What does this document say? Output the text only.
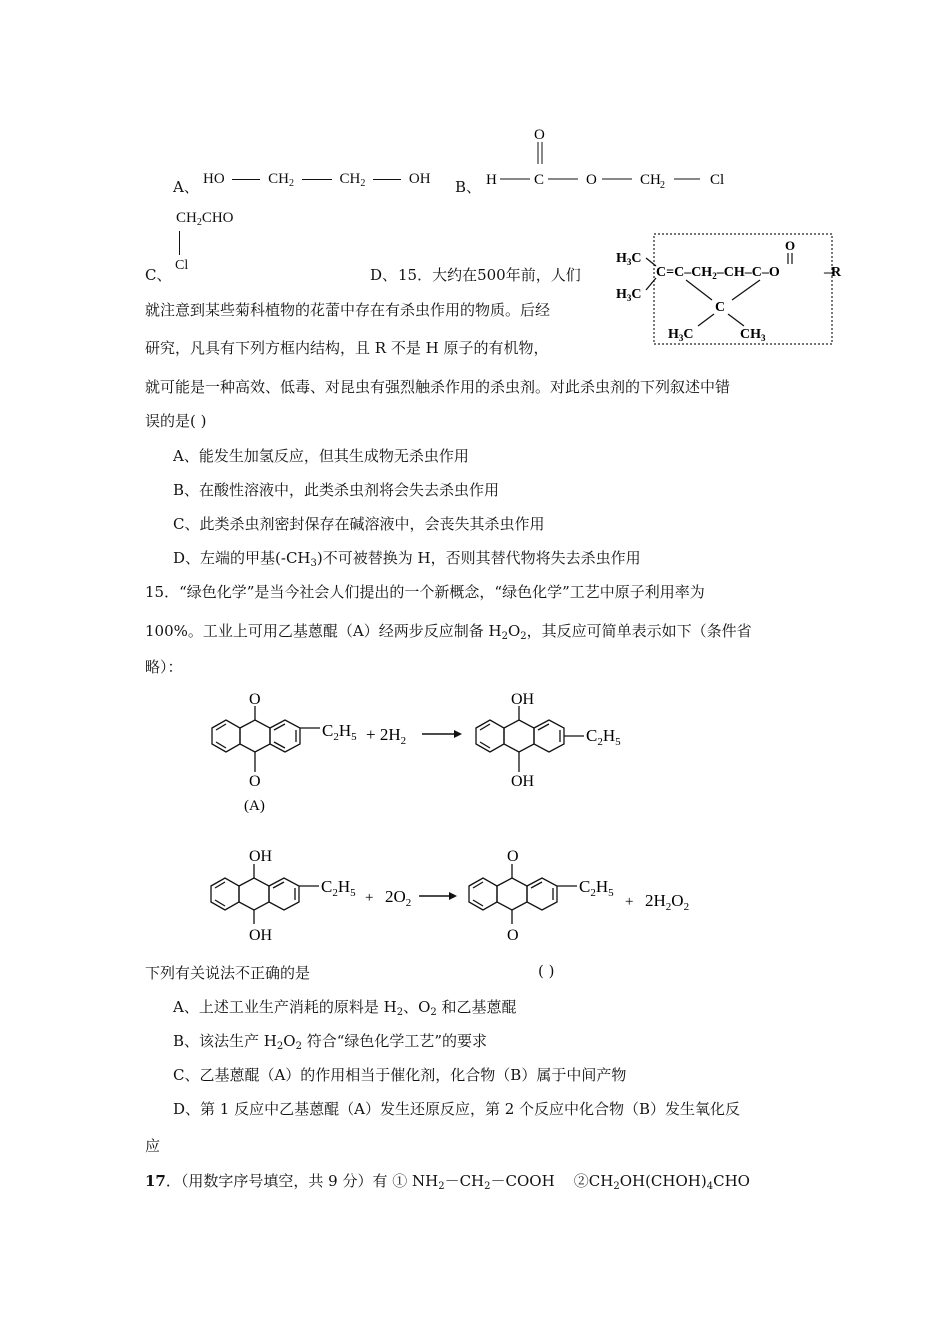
A、 HO	$CH_2$	$CH_2$	OH B、
O
H C	O	CH 2	Cl
$CH_2CHO$
Cl
C、	D、 15．大约在500年前，人们
就注意到某些菊科植物的花蕾中存在有杀虫作用的物质。后经
研究，凡具有下列方框内结构，且 R 不是 H 原子的有机物，
$H_3C$
$H_3C$
$C=C-CH_2-CH-C-O$
O
–R
C
$H_3C$	$CH_3$
就可能是一种高效、低毒、对昆虫有强烈触杀作用的杀虫剂。对此杀虫剂的下列叙述中错
误的是( )
A、能发生加氢反应，但其生成物无杀虫作用
B、在酸性溶液中，此类杀虫剂将会失去杀虫作用
C、此类杀虫剂密封保存在碱溶液中，会丧失其杀虫作用
D、左端的甲基$(-CH_3)$不可被替换为 H，否则其替代物将失去杀虫作用
15．“绿色化学”是当今社会人们提出的一个新概念，“绿色化学”工艺中原子利用率为
100%。工业上可用乙基蒽醌（A）经两步反应制备 $H_2O_2$，其反应可简单表示如下（条件省
略）：
O
O
$C_2H_5 + 2H_2$
OH
OH
$C_2H_5$
(A)
OH
OH
$C_2H_5 + 2O_2$
O
O
$C_2H_5$
+ $2H_2O_2$
下列有关说法不正确的是	( )
A、上述工业生产消耗的原料是 $H_2$、$O_2$ 和乙基蒽醌
B、该法生产 $H_2O_2$ 符合“绿色化学工艺”的要求
C、乙基蒽醌（A）的作用相当于催化剂，化合物（B）属于中间产物
D、第 1 反应中乙基蒽醌（A）发生还原反应，第 2 个反应中化合物（B）发生氧化反
应
17．（用数字序号填空，共 9 分）有 ① $NH_2-CH_2-COOH$    $②CH_2OH(CHOH)_4CHO$
